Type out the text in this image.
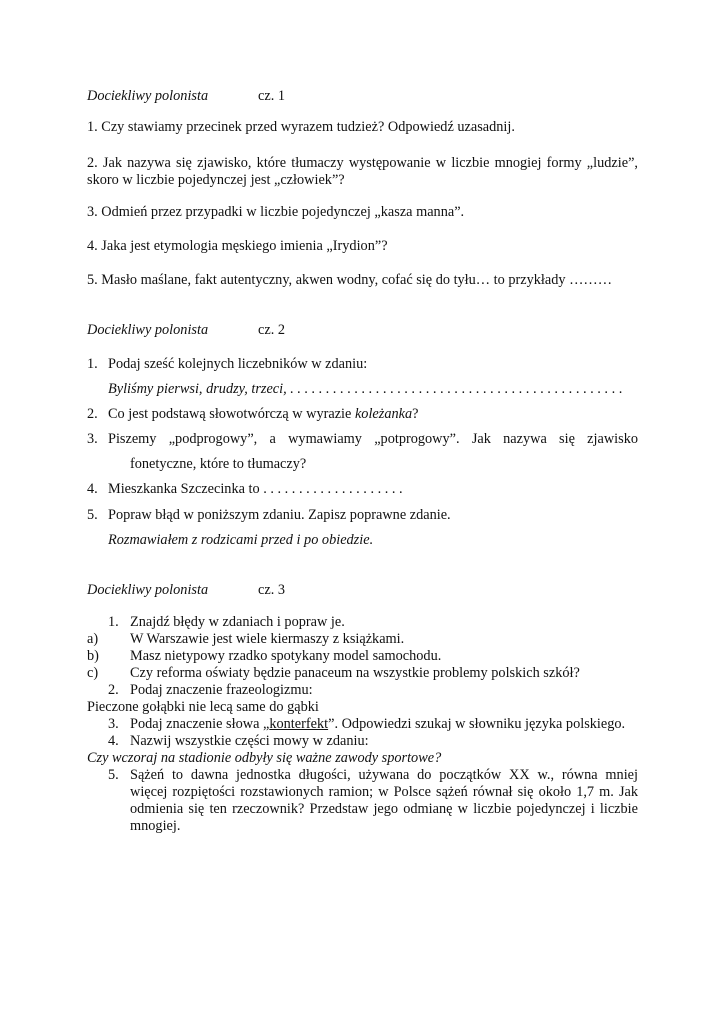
Dociekliwy polonista	cz. 1
1. Czy stawiamy przecinek przed wyrazem tudzież? Odpowiedź uzasadnij.
2. Jak nazywa się zjawisko, które tłumaczy występowanie w liczbie mnogiej formy „ludzie”,
skoro w liczbie pojedynczej jest „człowiek”?
3. Odmień przez przypadki w liczbie pojedynczej „kasza manna”.
4. Jaka jest etymologia męskiego imienia „Irydion”?
5. Masło maślane, fakt autentyczny, akwen wodny, cofać się do tyłu… to przykłady ………
Dociekliwy polonista	cz. 2
1. Podaj sześć kolejnych liczebników w zdaniu:
Byliśmy pierwsi, drudzy, trzeci, . . . . . . . . . . . . . . . . . . . . . . . . . . . . . . . . . . . . . . . . . . . . . . .
2. Co jest podstawą słowotwórczą w wyrazie koleżanka?
3. Piszemy „podprogowy”, a wymawiamy „potprogowy”. Jak nazywa się zjawisko
fonetyczne, które to tłumaczy?
4. Mieszkanka Szczecinka to . . . . . . . . . . . . . . . . . . . .
5. Popraw błąd w poniższym zdaniu. Zapisz poprawne zdanie.
Rozmawiałem z rodzicami przed i po obiedzie.
Dociekliwy polonista	cz. 3
1. Znajdź błędy w zdaniach i popraw je.
a) W Warszawie jest wiele kiermaszy z książkami.
b) Masz nietypowy rzadko spotykany model samochodu.
c) Czy reforma oświaty będzie panaceum na wszystkie problemy polskich szkół?
2. Podaj znaczenie frazeologizmu:
Pieczone gołąbki nie lecą same do gąbki
3. Podaj znaczenie słowa „konterfekt”. Odpowiedzi szukaj w słowniku języka polskiego.
4. Nazwij wszystkie części mowy w zdaniu:
Czy wczoraj na stadionie odbyły się ważne zawody sportowe?
5. Sążeń to dawna jednostka długości, używana do początków XX w., równa mniej
więcej rozpiętości rozstawionych ramion; w Polsce sążeń równał się około 1,7 m. Jak
odmienia się ten rzeczownik? Przedstaw jego odmianę w liczbie pojedynczej i liczbie
mnogiej.
